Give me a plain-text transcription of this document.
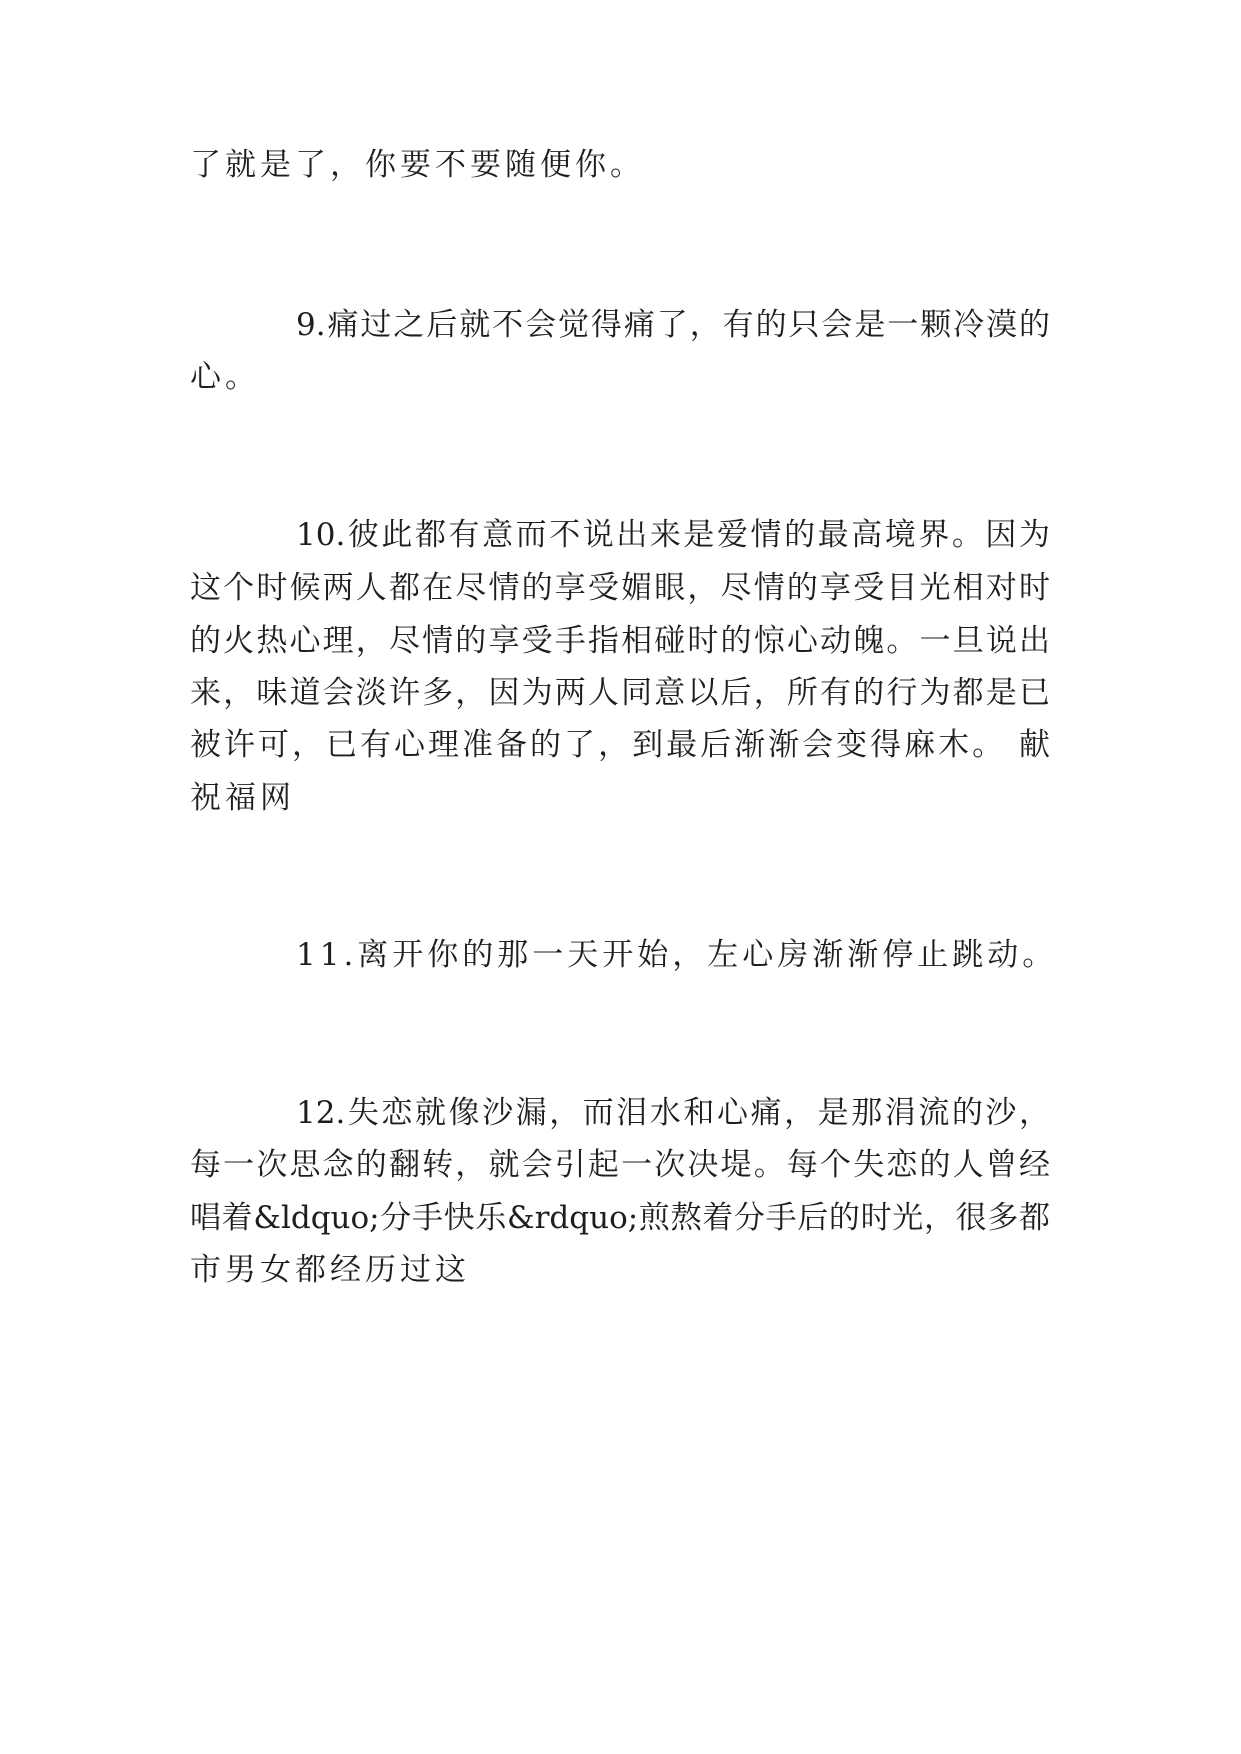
了就是了，你要不要随便你。
9.痛过之后就不会觉得痛了，有的只会是一颗冷漠的
心。
10.彼此都有意而不说出来是爱情的最高境界。因为
这个时候两人都在尽情的享受媚眼，尽情的享受目光相对时
的火热心理，尽情的享受手指相碰时的惊心动魄。一旦说出
来，味道会淡许多，因为两人同意以后，所有的行为都是已
被许可，已有心理准备的了，到最后渐渐会变得麻木。 献
祝福网
11.离开你的那一天开始，左心房渐渐停止跳动。
12.失恋就像沙漏，而泪水和心痛，是那涓流的沙，
每一次思念的翻转，就会引起一次决堤。每个失恋的人曾经
唱着&ldquo;分手快乐&rdquo;煎熬着分手后的时光，很多都
市男女都经历过这
